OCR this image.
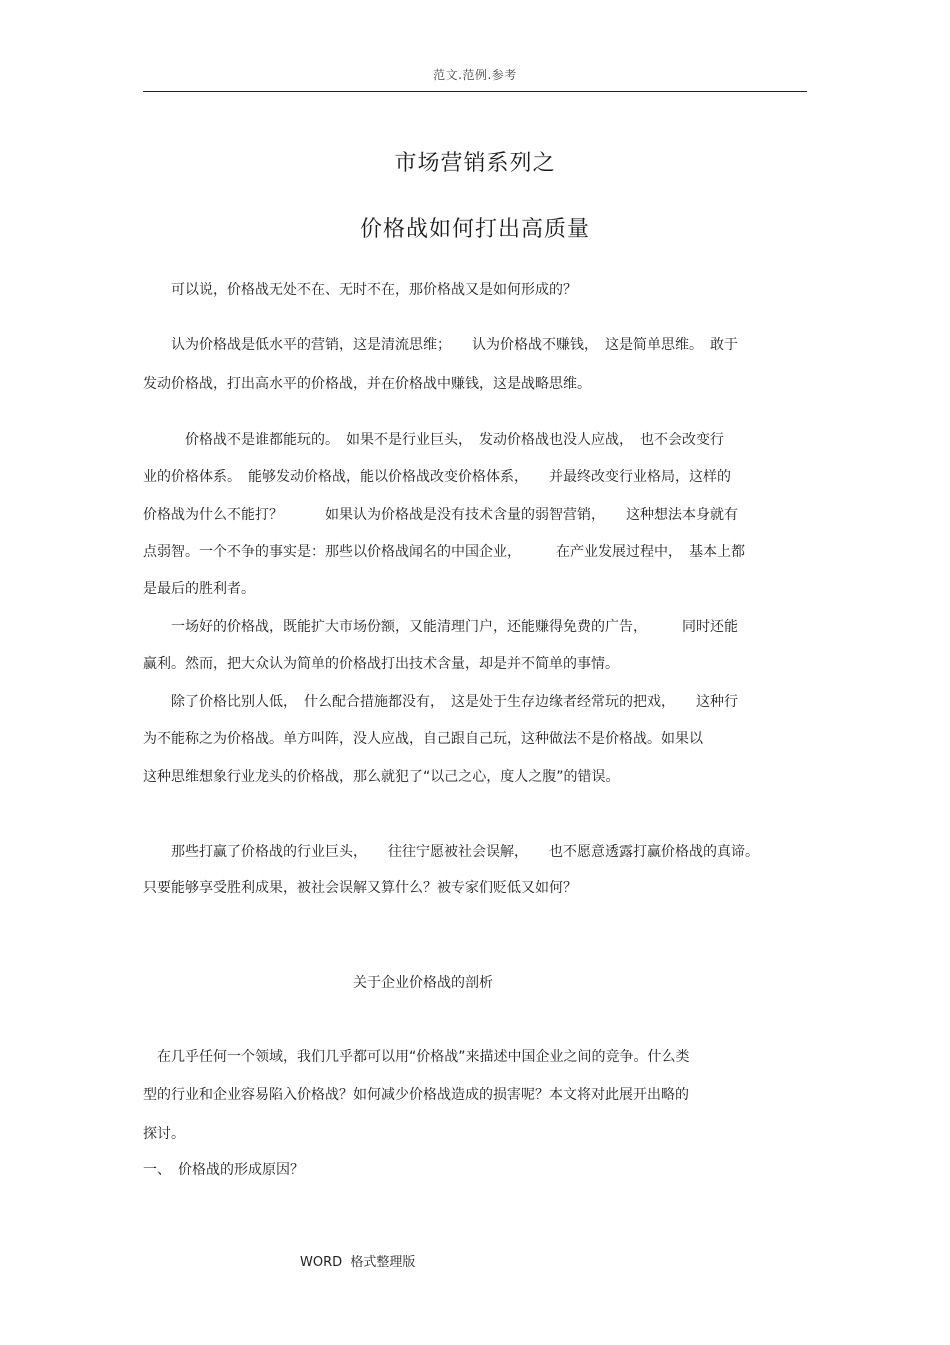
范文.范例.参考
市场营销系列之
价格战如何打出高质量
　　可以说，价格战无处不在、无时不在，那价格战又是如何形成的？
　　认为价格战是低水平的营销，这是清流思维；　　认为价格战不赚钱，　这是简单思维。　敢于
发动价格战，打出高水平的价格战，并在价格战中赚钱，这是战略思维。
　　　价格战不是谁都能玩的。　如果不是行业巨头，　发动价格战也没人应战，　也不会改变行
业的价格体系。　能够发动价格战，能以价格战改变价格体系，　　并最终改变行业格局，这样的
价格战为什么不能打？　　　如果认为价格战是没有技术含量的弱智营销，　　这种想法本身就有
点弱智。一个不争的事实是：那些以价格战闻名的中国企业，　　　在产业发展过程中，　基本上都
是最后的胜利者。
　　一场好的价格战，既能扩大市场份额，又能清理门户，还能赚得免费的广告，　　　同时还能
赢利。然而，把大众认为简单的价格战打出技术含量，却是并不简单的事情。
　　除了价格比别人低，　什么配合措施都没有，　这是处于生存边缘者经常玩的把戏，　　这种行
为不能称之为价格战。单方叫阵，没人应战，自己跟自己玩，这种做法不是价格战。如果以
这种思维想象行业龙头的价格战，那么就犯了“以己之心，度人之腹”的错误。
　　那些打赢了价格战的行业巨头，　　往往宁愿被社会误解，　　也不愿意透露打赢价格战的真谛。
只要能够享受胜利成果，被社会误解又算什么？被专家们贬低又如何？
关于企业价格战的剖析
　在几乎任何一个领域，我们几乎都可以用“价格战”来描述中国企业之间的竞争。什么类
型的行业和企业容易陷入价格战？如何减少价格战造成的损害呢？本文将对此展开出略的
探讨。
一、　价格战的形成原因？
WORD  格式整理版
